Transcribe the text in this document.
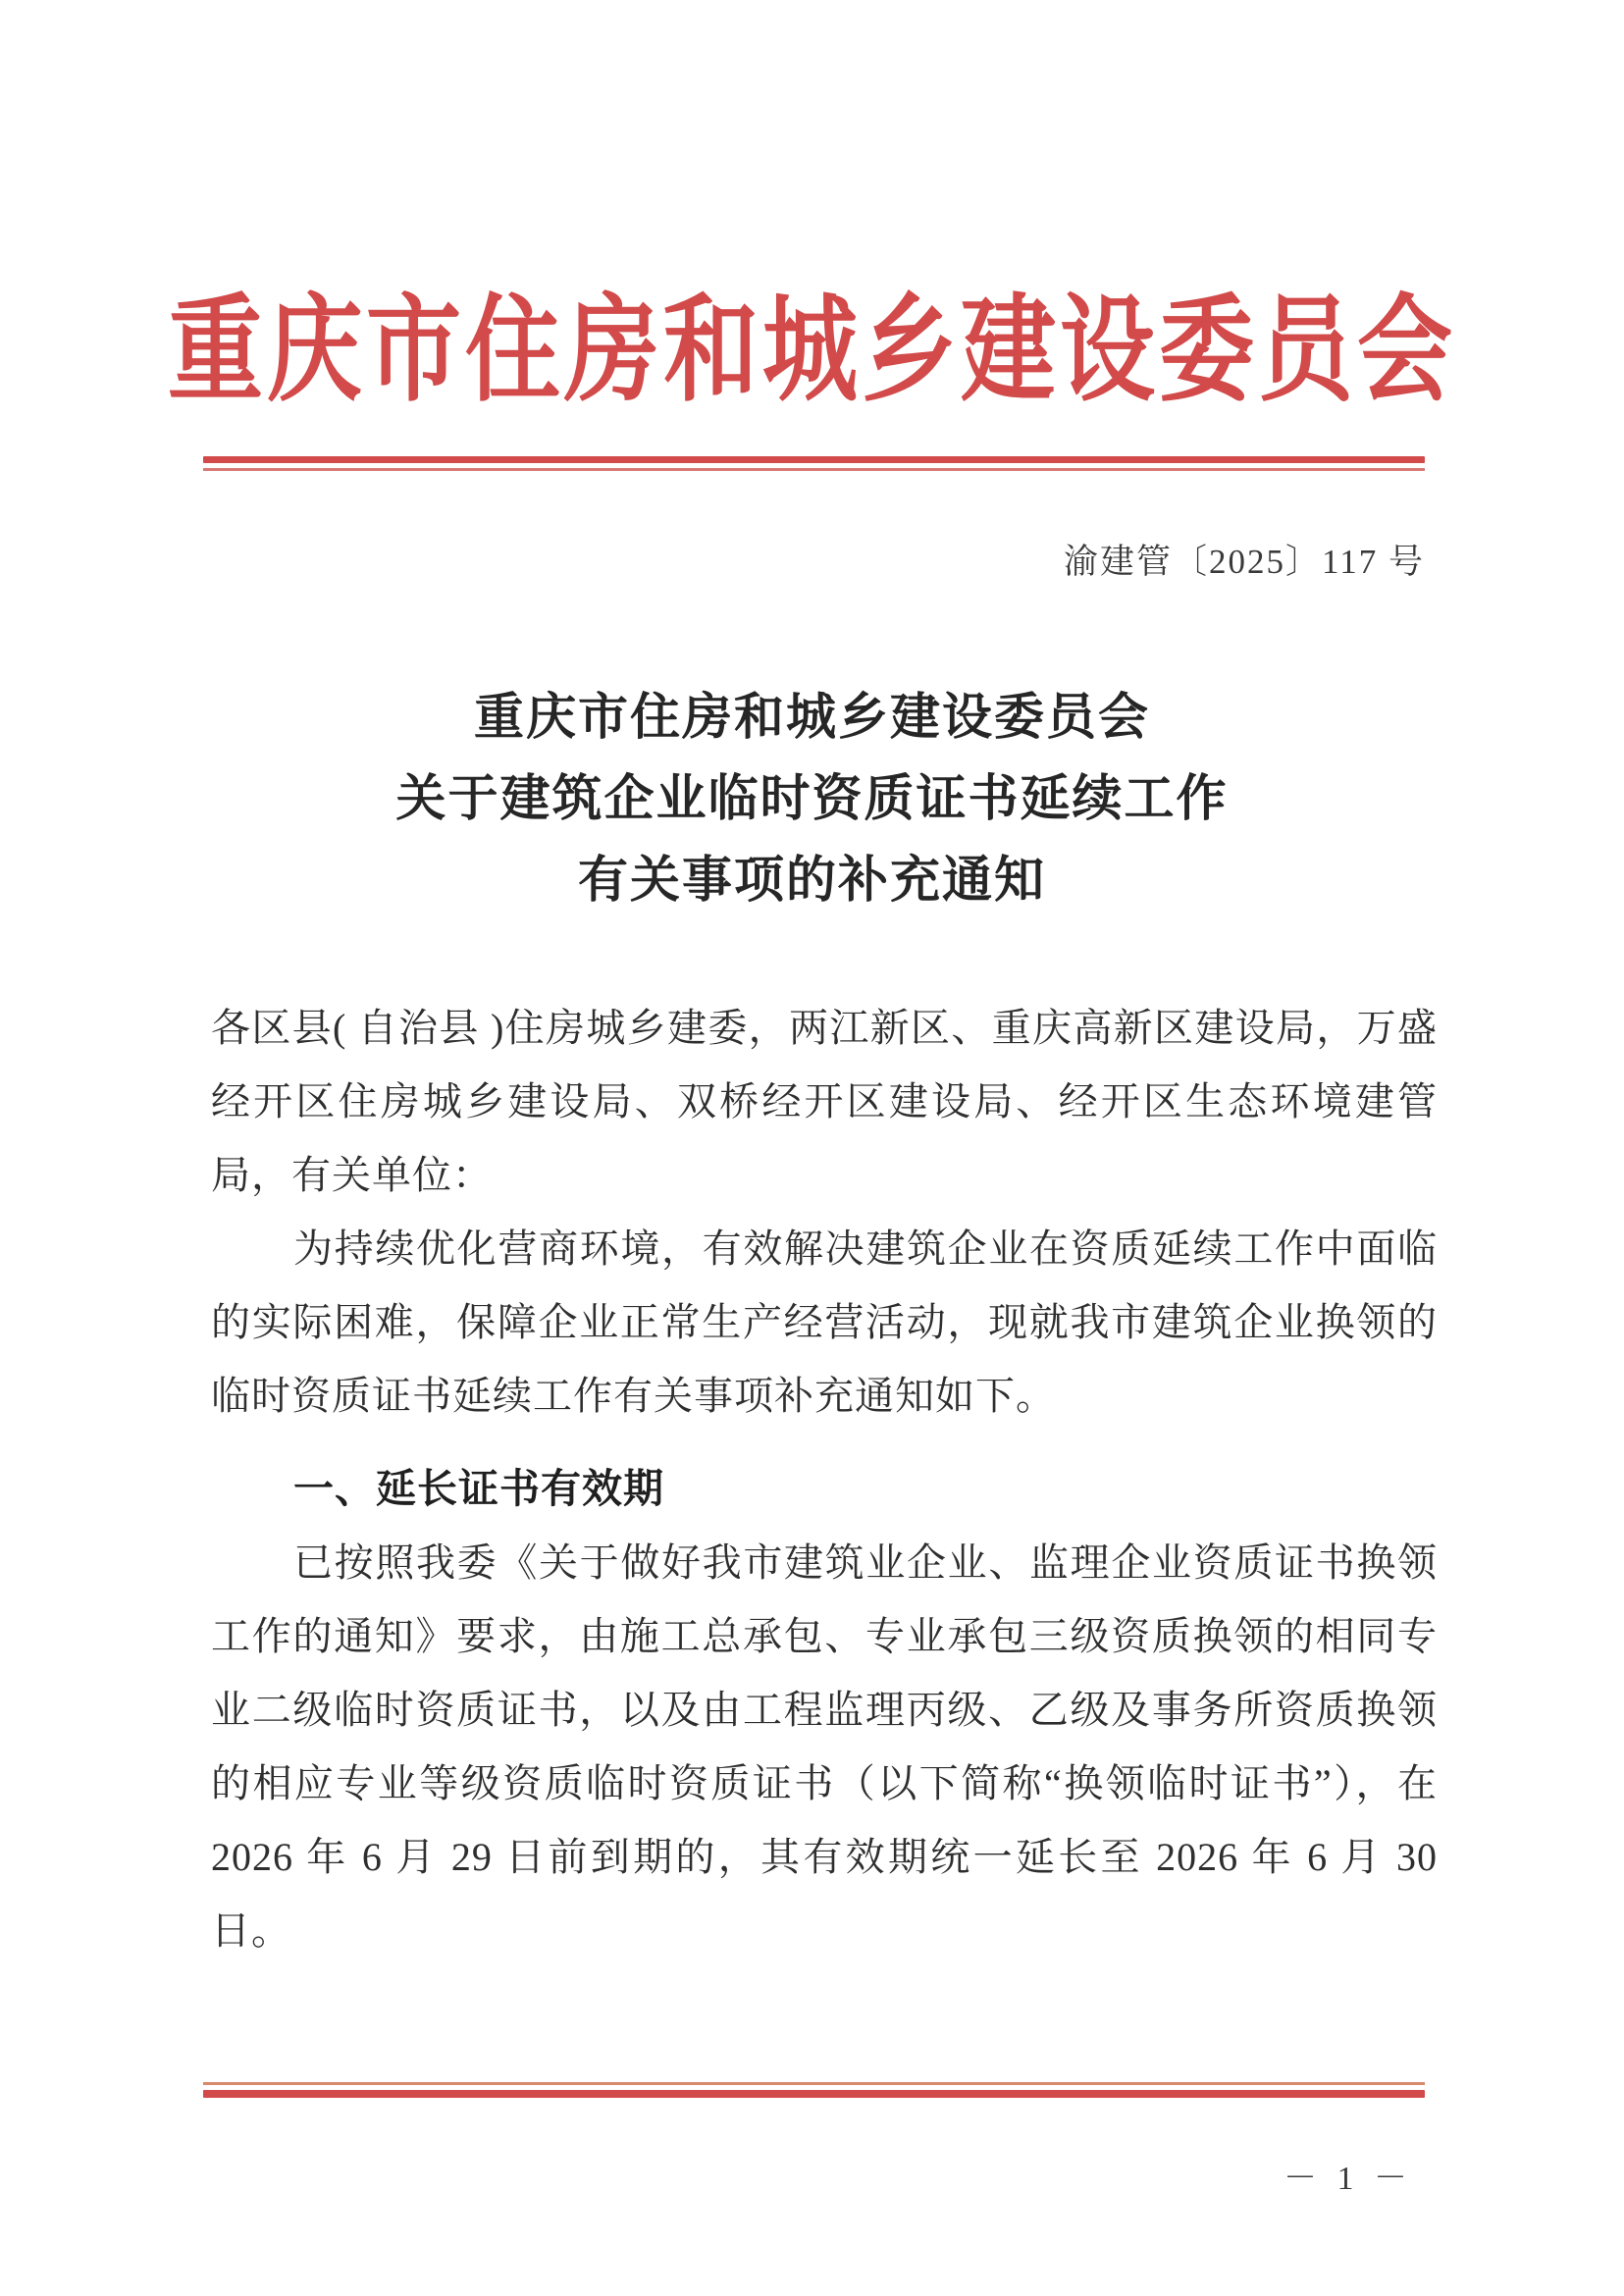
重庆市住房和城乡建设委员会
渝建管〔2025〕117 号
重庆市住房和城乡建设委员会
关于建筑企业临时资质证书延续工作
有关事项的补充通知

各区县( 自治县 )住房城乡建委，两江新区、重庆高新区建设局，万盛经开区住房城乡建设局、双桥经开区建设局、经开区生态环境建管局，有关单位：

为持续优化营商环境，有效解决建筑企业在资质延续工作中面临的实际困难，保障企业正常生产经营活动，现就我市建筑企业换领的临时资质证书延续工作有关事项补充通知如下。

一、延长证书有效期

已按照我委《关于做好我市建筑业企业、监理企业资质证书换领工作的通知》要求，由施工总承包、专业承包三级资质换领的相同专业二级临时资质证书，以及由工程监理丙级、乙级及事务所资质换领的相应专业等级资质临时资质证书（以下简称“换领临时证书”），在 2026 年 6 月 29 日前到期的，其有效期统一延长至 2026 年 6 月 30 日。

－ 1 －
